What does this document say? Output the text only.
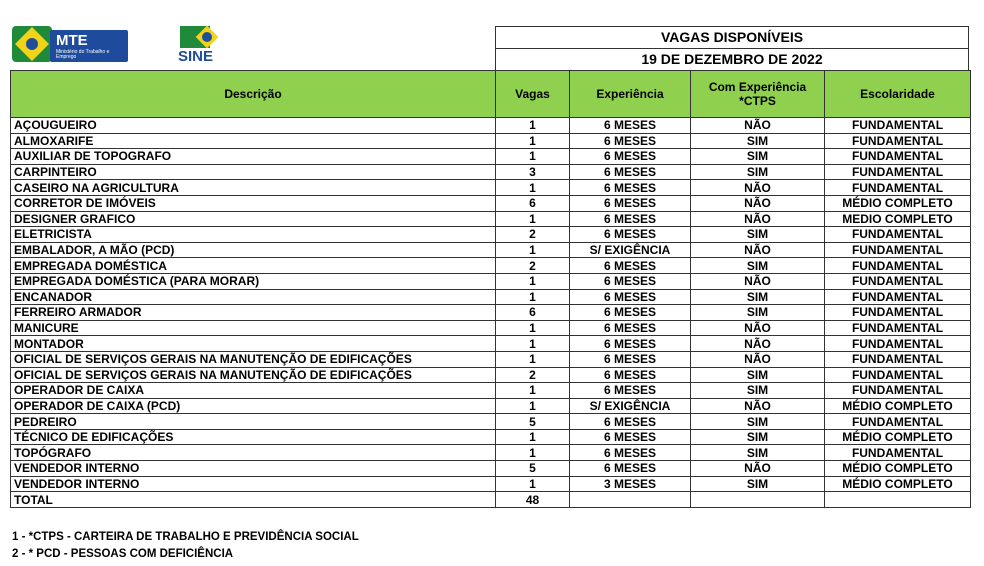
MTE
Ministério do Trabalho e Emprego	SINE
VAGAS DISPONÍVEIS
19 DE DEZEMBRO DE 2022
Descrição	Vagas	Experiência	Com Experiência *CTPS	Escolaridade
AÇOUGUEIRO	1	6 MESES	NÃO	FUNDAMENTAL
ALMOXARIFE	1	6 MESES	SIM	FUNDAMENTAL
AUXILIAR DE TOPOGRAFO	1	6 MESES	SIM	FUNDAMENTAL
CARPINTEIRO	3	6 MESES	SIM	FUNDAMENTAL
CASEIRO NA AGRICULTURA	1	6 MESES	NÃO	FUNDAMENTAL
CORRETOR DE IMÓVEIS	6	6 MESES	NÃO	MÉDIO COMPLETO
DESIGNER GRAFICO	1	6 MESES	NÃO	MEDIO COMPLETO
ELETRICISTA	2	6 MESES	SIM	FUNDAMENTAL
EMBALADOR, A MÃO (PCD)	1	S/ EXIGÊNCIA	NÃO	FUNDAMENTAL
EMPREGADA DOMÉSTICA	2	6 MESES	SIM	FUNDAMENTAL
EMPREGADA DOMÉSTICA (PARA MORAR)	1	6 MESES	NÃO	FUNDAMENTAL
ENCANADOR	1	6 MESES	SIM	FUNDAMENTAL
FERREIRO ARMADOR	6	6 MESES	SIM	FUNDAMENTAL
MANICURE	1	6 MESES	NÃO	FUNDAMENTAL
MONTADOR	1	6 MESES	NÃO	FUNDAMENTAL
OFICIAL DE SERVIÇOS GERAIS NA MANUTENÇÃO DE EDIFICAÇÕES	1	6 MESES	NÃO	FUNDAMENTAL
OFICIAL DE SERVIÇOS GERAIS NA MANUTENÇÃO DE EDIFICAÇÕES	2	6 MESES	SIM	FUNDAMENTAL
OPERADOR DE CAIXA	1	6 MESES	SIM	FUNDAMENTAL
OPERADOR DE CAIXA (PCD)	1	S/ EXIGÊNCIA	NÃO	MÉDIO COMPLETO
PEDREIRO	5	6 MESES	SIM	FUNDAMENTAL
TÉCNICO DE EDIFICAÇÕES	1	6 MESES	SIM	MÉDIO COMPLETO
TOPÓGRAFO	1	6 MESES	SIM	FUNDAMENTAL
VENDEDOR INTERNO	5	6 MESES	NÃO	MÉDIO COMPLETO
VENDEDOR INTERNO	1	3 MESES	SIM	MÉDIO COMPLETO
TOTAL	48			
1 - *CTPS - CARTEIRA DE TRABALHO E PREVIDÊNCIA SOCIAL
2 - * PCD - PESSOAS COM DEFICIÊNCIA
